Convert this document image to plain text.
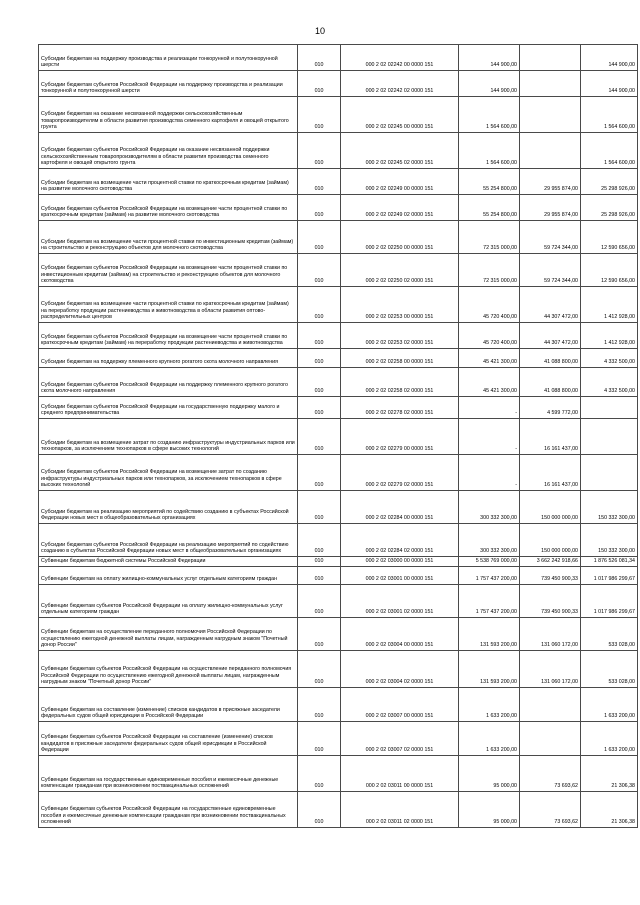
10
Субсидии бюджетам на поддержку производства и реализации тонкорунной и полутонкорунной шерсти	010	000 2 02 02242 00 0000 151	144 900,00		144 900,00
Субсидии бюджетам субъектов Российской Федерации на поддержку производства и реализации тонкорунной и полутонкорунной шерсти	010	000 2 02 02242 02 0000 151	144 900,00		144 900,00
Субсидии бюджетам на оказание несвязанной поддержки сельскохозяйственным товаропроизводителям в области развития производства семенного картофеля и овощей открытого грунта	010	000 2 02 02245 00 0000 151	1 564 600,00		1 564 600,00
Субсидии бюджетам субъектов Российской Федерации на оказание несвязанной поддержки сельскохозяйственным товаропроизводителям в области развития производства семенного картофеля и овощей открытого грунта	010	000 2 02 02245 02 0000 151	1 564 600,00		1 564 600,00
Субсидии бюджетам на возмещение части процентной ставки по краткосрочным кредитам (займам) на развитие молочного скотоводства	010	000 2 02 02249 00 0000 151	55 254 800,00	29 955 874,00	25 298 926,00
Субсидии бюджетам субъектов Российской Федерации на возмещение части процентной ставки по краткосрочным кредитам (займам) на развитие молочного скотоводства	010	000 2 02 02249 02 0000 151	55 254 800,00	29 955 874,00	25 298 926,00
Субсидии бюджетам на возмещение части процентной ставки по инвестиционным кредитам (займам) на строительство и реконструкцию объектов для молочного скотоводства	010	000 2 02 02250 00 0000 151	72 315 000,00	59 724 344,00	12 590 656,00
Субсидии бюджетам субъектов Российской Федерации на возмещение части процентной ставки по инвестиционным кредитам (займам) на строительство и реконструкцию объектов для молочного скотоводства	010	000 2 02 02250 02 0000 151	72 315 000,00	59 724 344,00	12 590 656,00
Субсидии бюджетам на возмещение части процентной ставки по краткосрочным кредитам (займам) на переработку продукции растениеводства и животноводства в области развития оптово-распределительных центров	010	000 2 02 02253 00 0000 151	45 720 400,00	44 307 472,00	1 412 928,00
Субсидии бюджетам субъектов Российской Федерации на возмещение части процентной ставки по краткосрочным кредитам (займам) на переработку продукции растениеводства и животноводства	010	000 2 02 02253 02 0000 151	45 720 400,00	44 307 472,00	1 412 928,00
Субсидии бюджетам на поддержку племенного крупного рогатого скота молочного направления	010	000 2 02 02258 00 0000 151	45 421 300,00	41 088 800,00	4 332 500,00
Субсидии бюджетам субъектов Российской Федерации на поддержку племенного крупного рогатого скота молочного направления	010	000 2 02 02258 02 0000 151	45 421 300,00	41 088 800,00	4 332 500,00
Субсидии бюджетам субъектов Российской Федерации на государственную поддержку малого и среднего предпринимательства	010	000 2 02 02278 02 0000 151	-	4 599 772,00	
Субсидии бюджетам на возмещение затрат по созданию инфраструктуры индустриальных парков или технопарков, за исключением технопарков в сфере высоких технологий	010	000 2 02 02279 00 0000 151	-	16 161 437,00	
Субсидии бюджетам субъектов Российской Федерации на возмещение затрат по созданию инфраструктуры индустриальных парков или технопарков, за исключением технопарков в сфере высоких технологий	010	000 2 02 02279 02 0000 151	-	16 161 437,00	
Субсидии бюджетам на реализацию мероприятий по содействию созданию в субъектах Российской Федерации новых мест в общеобразовательных организациях	010	000 2 02 02284 00 0000 151	300 332 300,00	150 000 000,00	150 332 300,00
Субсидии бюджетам субъектов Российской Федерации на реализацию мероприятий по содействию созданию в субъектах Российской Федерации новых мест в общеобразовательных организациях	010	000 2 02 02284 02 0000 151	300 332 300,00	150 000 000,00	150 332 300,00
Субвенции бюджетам бюджетной системы Российской Федерации	010	000 2 02 03000 00 0000 151	5 538 769 000,00	3 662 242 918,66	1 876 526 081,34
Субвенции бюджетам на оплату жилищно-коммунальных услуг отдельным категориям граждан	010	000 2 02 03001 00 0000 151	1 757 437 200,00	739 450 900,33	1 017 986 299,67
Субвенции бюджетам субъектов Российской Федерации на оплату жилищно-коммунальных услуг отдельным категориям граждан	010	000 2 02 03001 02 0000 151	1 757 437 200,00	739 450 900,33	1 017 986 299,67
Субвенции бюджетам на осуществление переданного полномочия Российской Федерации по осуществлению ежегодной денежной выплаты лицам, награжденным нагрудным знаком "Почетный донор России"	010	000 2 02 03004 00 0000 151	131 593 200,00	131 060 172,00	533 028,00
Субвенции бюджетам субъектов Российской Федерации на осуществление переданного полномочия Российской Федерации по осуществлению ежегодной денежной выплаты лицам, награжденным нагрудным знаком "Почетный донор России"	010	000 2 02 03004 02 0000 151	131 593 200,00	131 060 172,00	533 028,00
Субвенции бюджетам на составление (изменение) списков кандидатов в присяжные заседатели федеральных судов общей юрисдикции в Российской Федерации	010	000 2 02 03007 00 0000 151	1 633 200,00		1 633 200,00
Субвенции бюджетам субъектов Российской Федерации на составление (изменение) списков кандидатов в присяжные заседатели федеральных судов общей юрисдикции в Российской Федерации	010	000 2 02 03007 02 0000 151	1 633 200,00		1 633 200,00
Субвенции бюджетам на государственные единовременные пособия и ежемесячные денежные компенсации гражданам при возникновении поствакцинальных осложнений	010	000 2 02 03011 00 0000 151	95 000,00	73 693,62	21 306,38
Субвенции бюджетам субъектов Российской Федерации на государственные единовременные пособия и ежемесячные денежные компенсации гражданам при возникновении поствакцинальных осложнений	010	000 2 02 03011 02 0000 151	95 000,00	73 693,62	21 306,38
